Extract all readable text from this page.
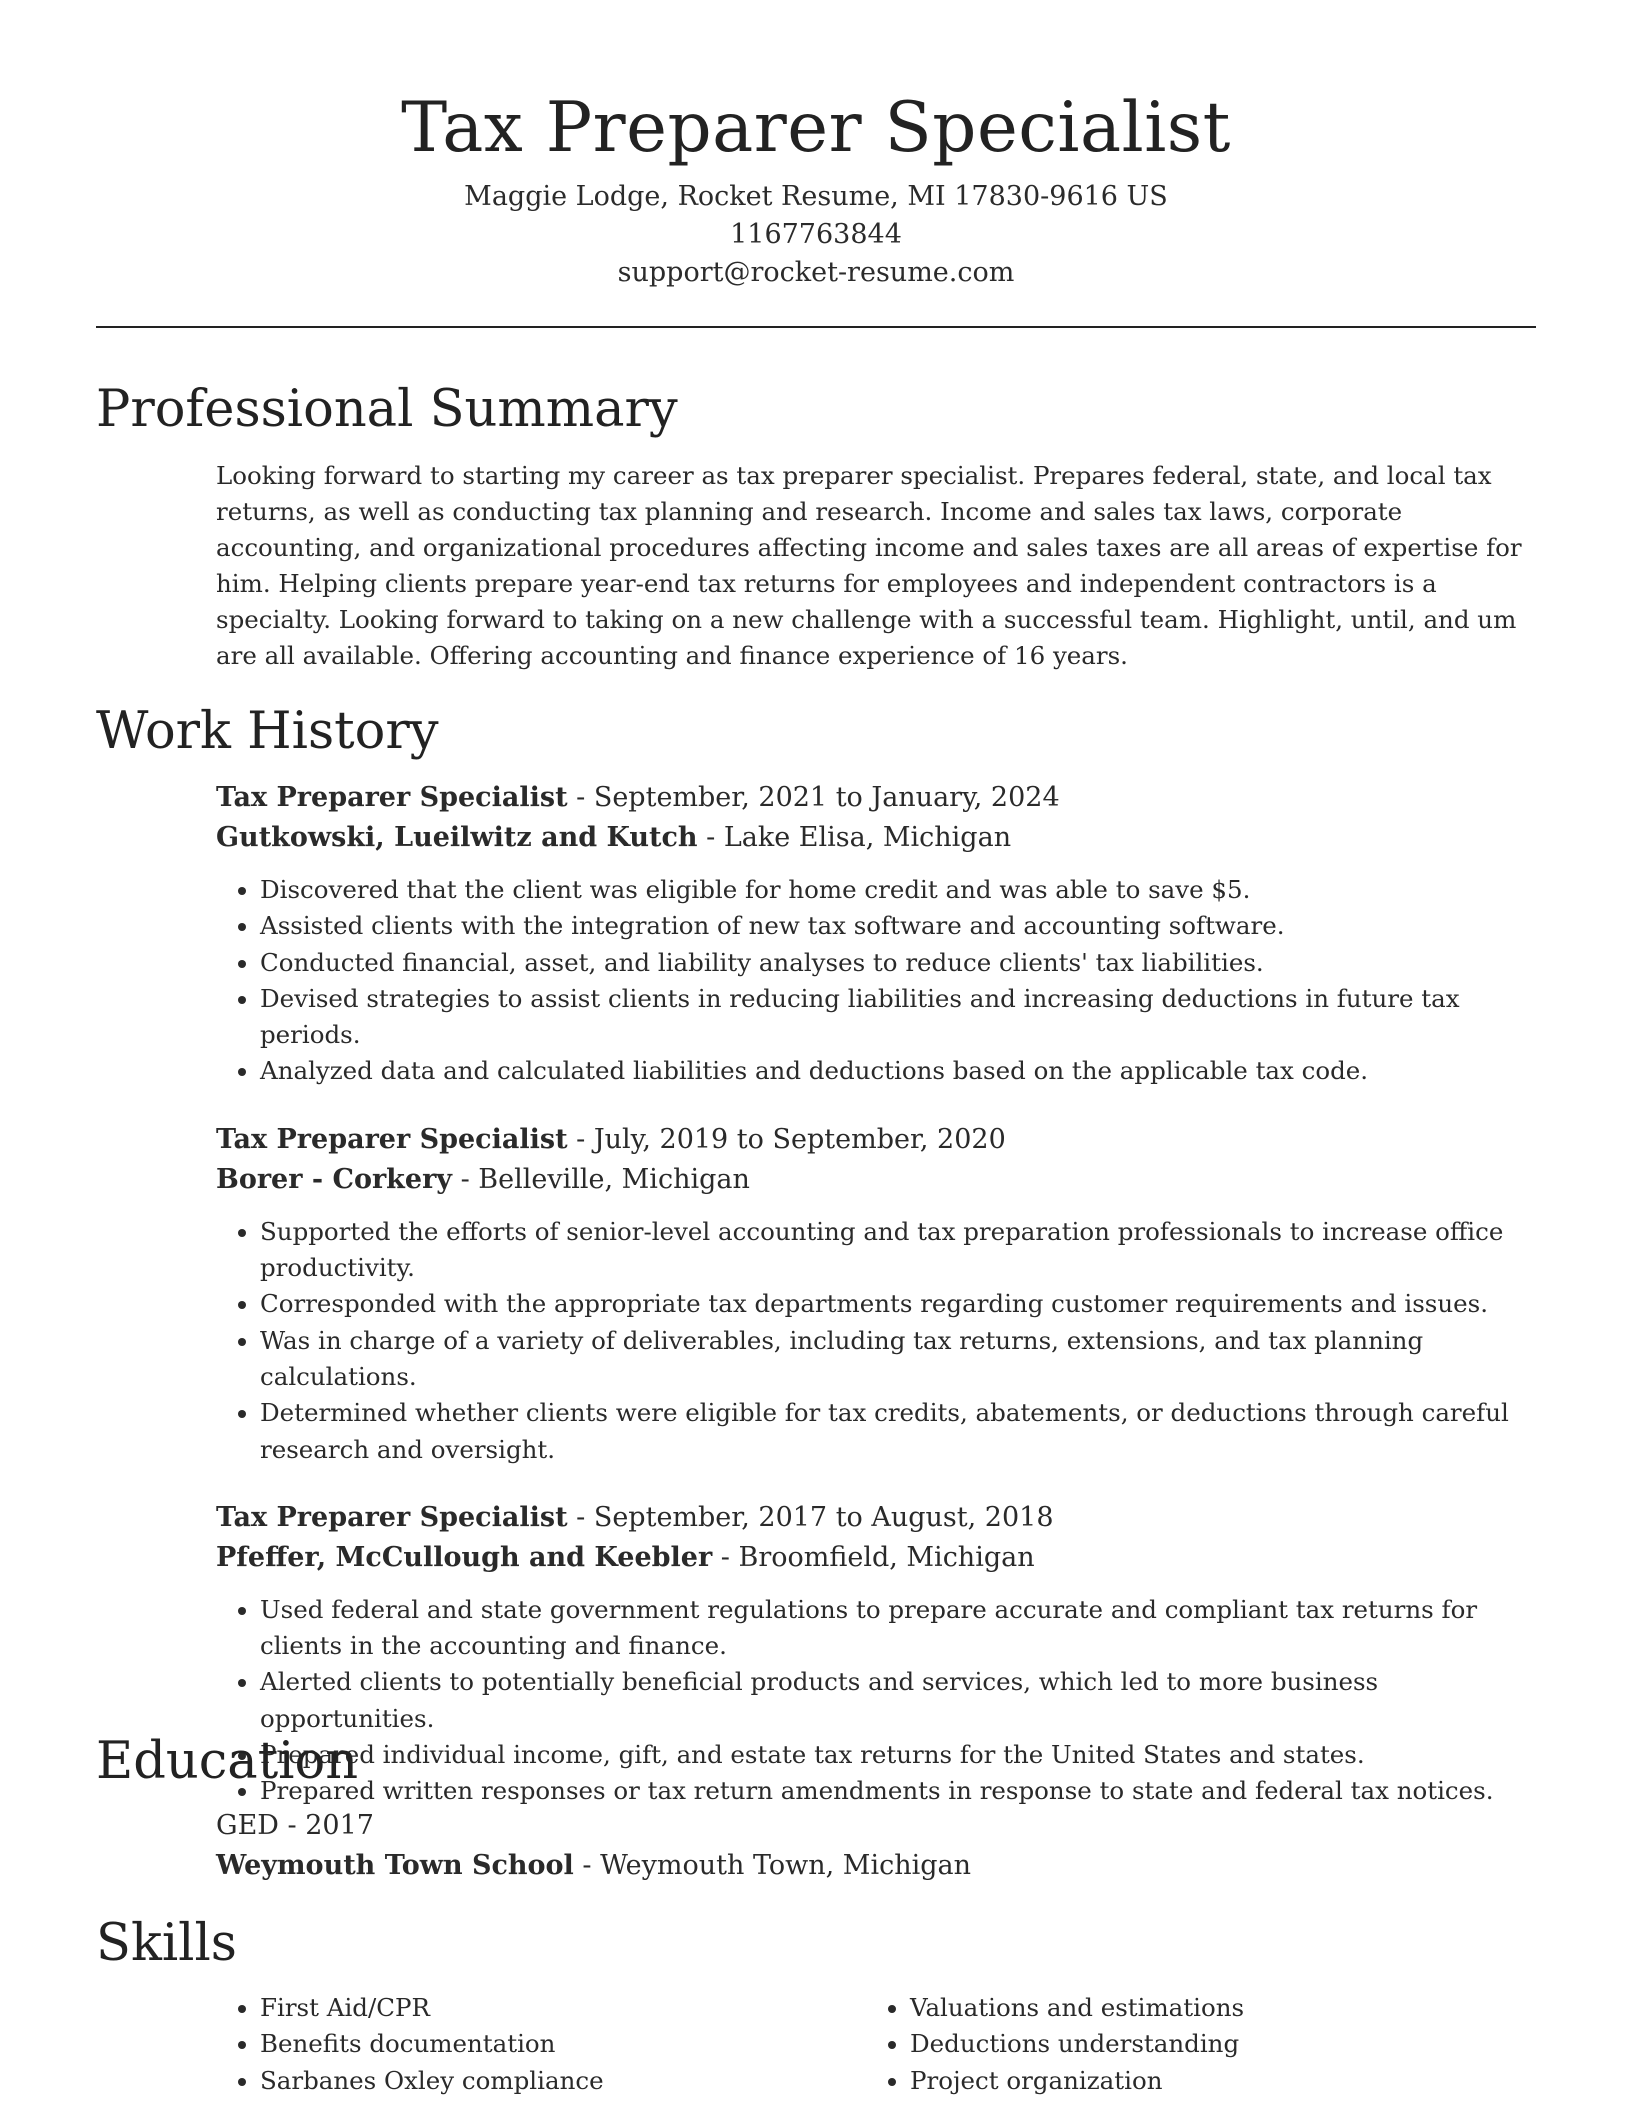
Tax Preparer Specialist
Maggie Lodge, Rocket Resume, MI 17830-9616 US
1167763844
support@rocket-resume.com
Professional Summary
Looking forward to starting my career as tax preparer specialist. Prepares federal, state, and local tax returns, as well as conducting tax planning and research. Income and sales tax laws, corporate accounting, and organizational procedures affecting income and sales taxes are all areas of expertise for him. Helping clients prepare year-end tax returns for employees and independent contractors is a specialty. Looking forward to taking on a new challenge with a successful team. Highlight, until, and um are all available. Offering accounting and finance experience of 16 years.
Work History
Tax Preparer Specialist - September, 2021 to January, 2024
Gutkowski, Lueilwitz and Kutch - Lake Elisa, Michigan
• Discovered that the client was eligible for home credit and was able to save $5.
• Assisted clients with the integration of new tax software and accounting software.
• Conducted financial, asset, and liability analyses to reduce clients' tax liabilities.
• Devised strategies to assist clients in reducing liabilities and increasing deductions in future tax periods.
• Analyzed data and calculated liabilities and deductions based on the applicable tax code.
Tax Preparer Specialist - July, 2019 to September, 2020
Borer - Corkery - Belleville, Michigan
• Supported the efforts of senior-level accounting and tax preparation professionals to increase office productivity.
• Corresponded with the appropriate tax departments regarding customer requirements and issues.
• Was in charge of a variety of deliverables, including tax returns, extensions, and tax planning calculations.
• Determined whether clients were eligible for tax credits, abatements, or deductions through careful research and oversight.
Tax Preparer Specialist - September, 2017 to August, 2018
Pfeffer, McCullough and Keebler - Broomfield, Michigan
• Used federal and state government regulations to prepare accurate and compliant tax returns for clients in the accounting and finance.
• Alerted clients to potentially beneficial products and services, which led to more business opportunities.
• Prepared individual income, gift, and estate tax returns for the United States and states.
• Prepared written responses or tax return amendments in response to state and federal tax notices.
Education
GED - 2017
Weymouth Town School - Weymouth Town, Michigan
Skills
• First Aid/CPR
• Benefits documentation
• Sarbanes Oxley compliance
• Valuations and estimations
• Deductions understanding
• Project organization
